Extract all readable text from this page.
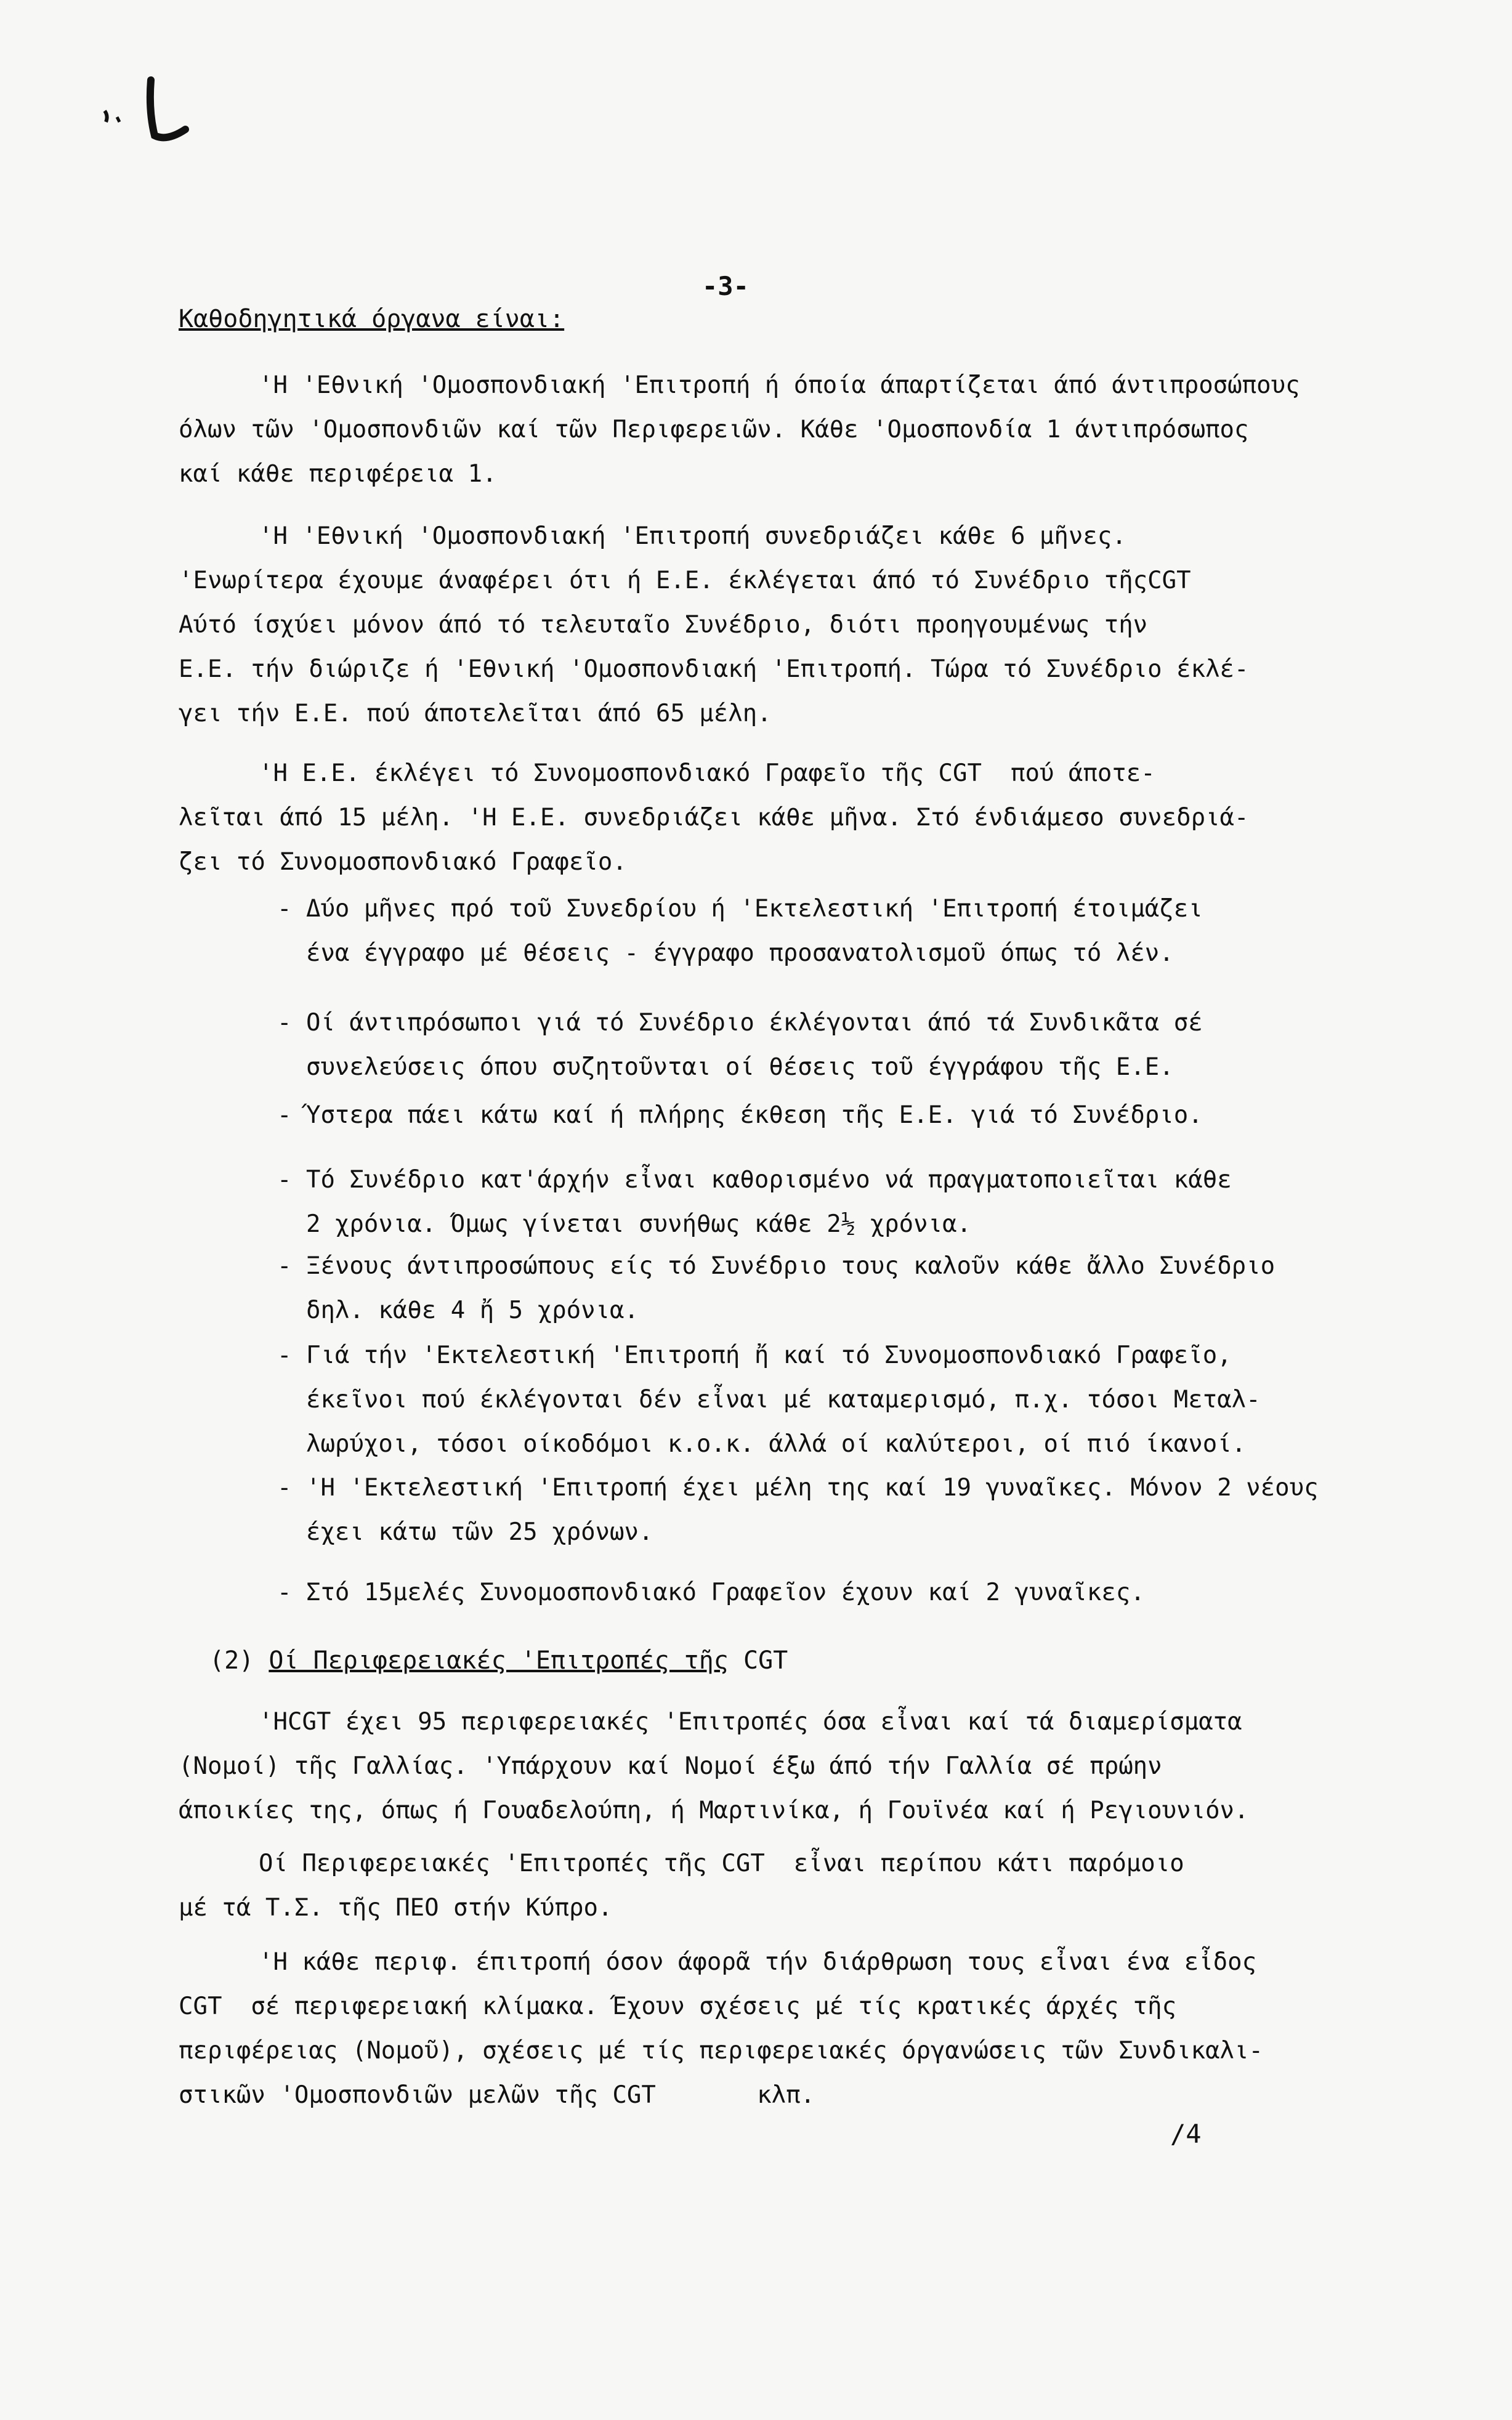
-3-
Καθοδηγητικά όργανα είναι:
'Η 'Εθνική 'Ομοσπονδιακή 'Επιτροπή ή όποία άπαρτίζεται άπό άντιπροσώπους
όλων τῶν 'Ομοσπονδιῶν καί τῶν Περιφερειῶν. Κάθε 'Ομοσπονδία 1 άντιπρόσωπος
καί κάθε περιφέρεια 1.
'Η 'Εθνική 'Ομοσπονδιακή 'Επιτροπή συνεδριάζει κάθε 6 μῆνες.
'Ενωρίτερα έχουμε άναφέρει ότι ή Ε.Ε. έκλέγεται άπό τό Συνέδριο τῆςCGT
Αύτό ίσχύει μόνον άπό τό τελευταῖο Συνέδριο, διότι προηγουμένως τήν
Ε.Ε. τήν διώριζε ή 'Εθνική 'Ομοσπονδιακή 'Επιτροπή. Τώρα τό Συνέδριο έκλέ-
γει τήν Ε.Ε. πού άποτελεῖται άπό 65 μέλη.
'Η Ε.Ε. έκλέγει τό Συνομοσπονδιακό Γραφεῖο τῆς CGT  πού άποτε-
λεῖται άπό 15 μέλη. 'Η Ε.Ε. συνεδριάζει κάθε μῆνα. Στό ένδιάμεσο συνεδριά-
ζει τό Συνομοσπονδιακό Γραφεῖο.
- Δύο μῆνες πρό τοῦ Συνεδρίου ή 'Εκτελεστική 'Επιτροπή έτοιμάζει
ένα έγγραφο μέ θέσεις - έγγραφο προσανατολισμοῦ όπως τό λέν.
- Οί άντιπρόσωποι γιά τό Συνέδριο έκλέγονται άπό τά Συνδικᾶτα σέ
συνελεύσεις όπου συζητοῦνται οί θέσεις τοῦ έγγράφου τῆς Ε.Ε.
- Ύστερα πάει κάτω καί ή πλήρης έκθεση τῆς Ε.Ε. γιά τό Συνέδριο.
- Τό Συνέδριο κατ'άρχήν εἶναι καθορισμένο νά πραγματοποιεῖται κάθε
2 χρόνια. Όμως γίνεται συνήθως κάθε 2½ χρόνια.
- Ξένους άντιπροσώπους είς τό Συνέδριο τους καλοῦν κάθε ἄλλο Συνέδριο
δηλ. κάθε 4 ἤ 5 χρόνια.
- Γιά τήν 'Εκτελεστική 'Επιτροπή ἤ καί τό Συνομοσπονδιακό Γραφεῖο,
έκεῖνοι πού έκλέγονται δέν εἶναι μέ καταμερισμό, π.χ. τόσοι Μεταλ-
λωρύχοι, τόσοι οίκοδόμοι κ.ο.κ. άλλά οί καλύτεροι, οί πιό ίκανοί.
- 'Η 'Εκτελεστική 'Επιτροπή έχει μέλη της καί 19 γυναῖκες. Μόνον 2 νέους
έχει κάτω τῶν 25 χρόνων.
- Στό 15μελές Συνομοσπονδιακό Γραφεῖον έχουν καί 2 γυναῖκες.
(2) Οί Περιφερειακές 'Επιτροπές τῆς CGT
'ΗCGT έχει 95 περιφερειακές 'Επιτροπές όσα εἶναι καί τά διαμερίσματα
(Νομοί) τῆς Γαλλίας. 'Υπάρχουν καί Νομοί έξω άπό τήν Γαλλία σέ πρώην
άποικίες της, όπως ή Γουαδελούπη, ή Μαρτινίκα, ή Γουϊνέα καί ή Ρεγιουνιόν.
Οί Περιφερειακές 'Επιτροπές τῆς CGT  εἶναι περίπου κάτι παρόμοιο
μέ τά Τ.Σ. τῆς ΠΕΟ στήν Κύπρο.
'Η κάθε περιφ. έπιτροπή όσον άφορᾶ τήν διάρθρωση τους εἶναι ένα εἶδος
CGT  σέ περιφερειακή κλίμακα. Έχουν σχέσεις μέ τίς κρατικές άρχές τῆς
περιφέρειας (Νομοῦ), σχέσεις μέ τίς περιφερειακές όργανώσεις τῶν Συνδικαλι-
στικῶν 'Ομοσπονδιῶν μελῶν τῆς CGT       κλπ.
/4
